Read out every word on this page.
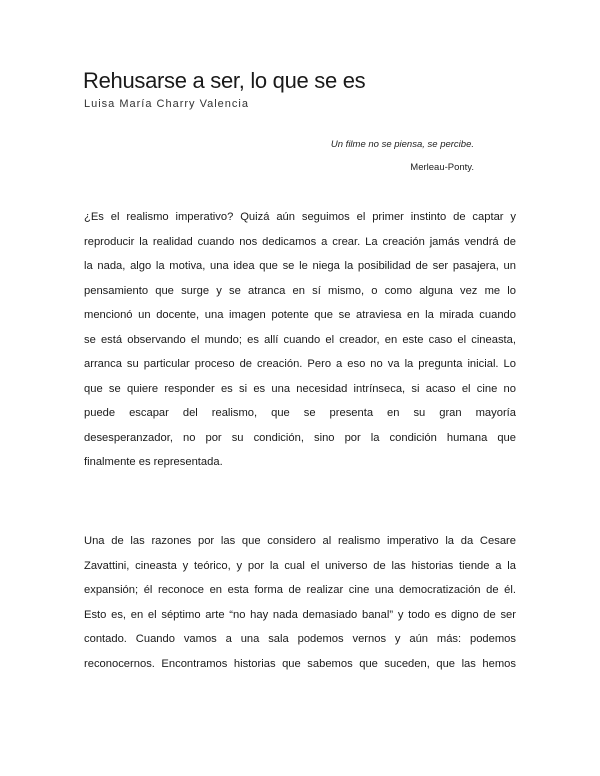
Rehusarse a ser, lo que se es
Luisa María Charry Valencia
Un filme no se piensa, se percibe.
Merleau-Ponty.
¿Es el realismo imperativo? Quizá aún seguimos el primer instinto de captar y
reproducir la realidad cuando nos dedicamos a crear. La creación jamás vendrá de
la nada, algo la motiva, una idea que se le niega la posibilidad de ser pasajera, un
pensamiento que surge y se atranca en sí mismo, o como alguna vez me lo
mencionó un docente, una imagen potente que se atraviesa en la mirada cuando
se está observando el mundo; es allí cuando el creador, en este caso el cineasta,
arranca su particular proceso de creación. Pero a eso no va la pregunta inicial. Lo
que se quiere responder es si es una necesidad intrínseca, si acaso el cine no
puede escapar del realismo, que se presenta en su gran mayoría
desesperanzador, no por su condición, sino por la condición humana que
finalmente es representada.
Una de las razones por las que considero al realismo imperativo la da Cesare
Zavattini, cineasta y teórico, y por la cual el universo de las historias tiende a la
expansión; él reconoce en esta forma de realizar cine una democratización de él.
Esto es, en el séptimo arte “no hay nada demasiado banal” y todo es digno de ser
contado. Cuando vamos a una sala podemos vernos y aún más: podemos
reconocernos. Encontramos historias que sabemos que suceden, que las hemos
